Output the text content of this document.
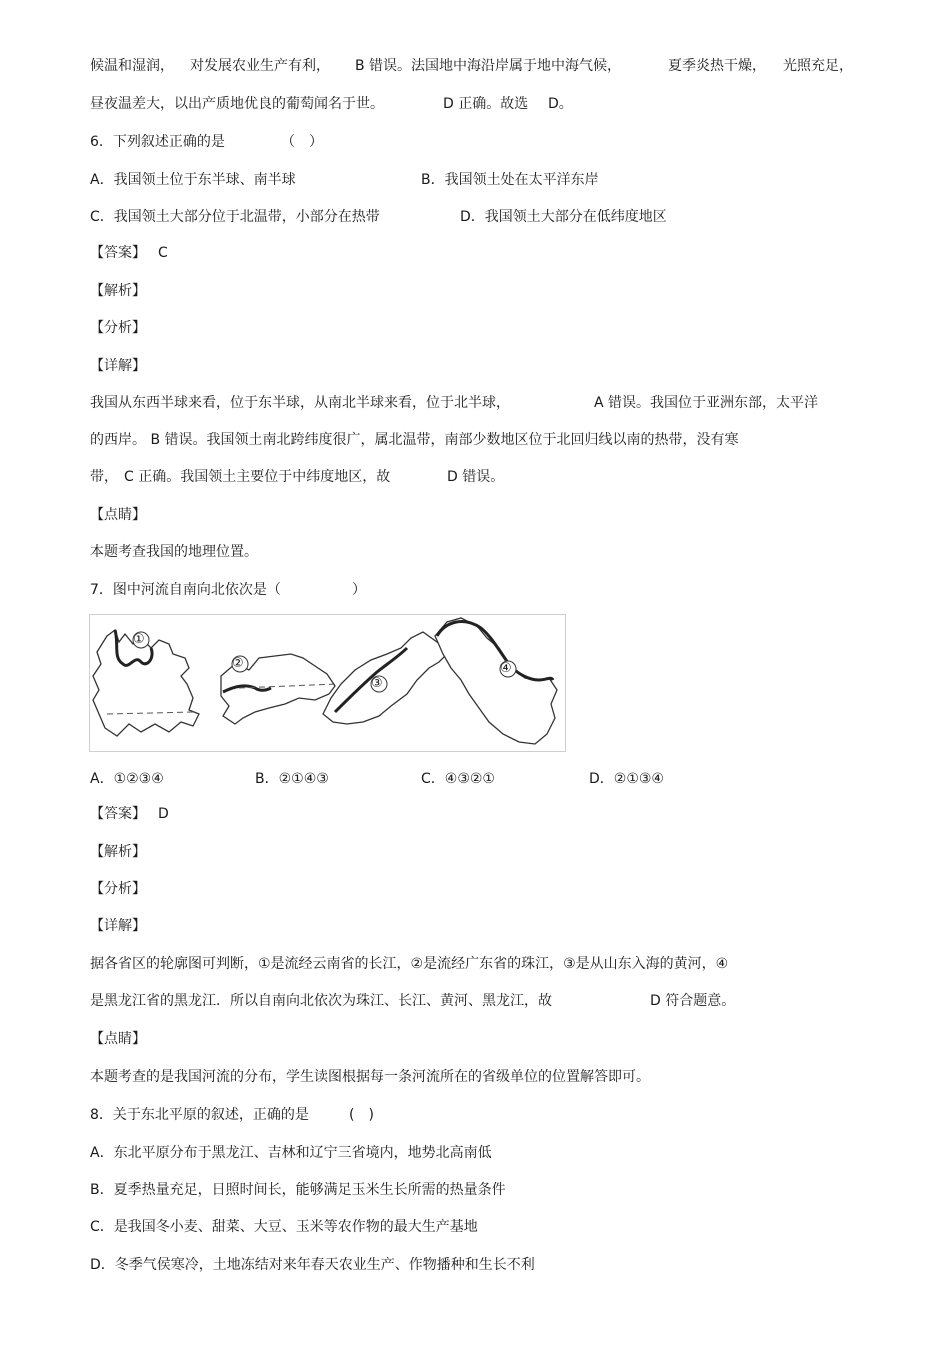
候温和湿润， 对发展农业生产有利， B 错误。法国地中海沿岸属于地中海气候，	夏季炎热干燥， 光照充足，
昼夜温差大，以出产质地优良的葡萄闻名于世。	D 正确。故选 D。
6．下列叙述正确的是	（　）
A．我国领土位于东半球、南半球	B．我国领土处在太平洋东岸
C．我国领土大部分位于北温带，小部分在热带	D．我国领土大部分在低纬度地区
【答案】 C
【解析】
【分析】
【详解】
我国从东西半球来看，位于东半球，从南北半球来看，位于北半球，	A 错误。我国位于亚洲东部，太平洋
的西岸。 B 错误。我国领土南北跨纬度很广，属北温带，南部少数地区位于北回归线以南的热带，没有寒
带， C 正确。我国领土主要位于中纬度地区，故	D 错误。
【点睛】
本题考查我国的地理位置。
7．图中河流自南向北依次是（	）
①
②
③
④
A．①②③④	B．②①④③	C．④③②①	D．②①③④
【答案】 D
【解析】
【分析】
【详解】
据各省区的轮廓图可判断，①是流经云南省的长江，②是流经广东省的珠江，③是从山东入海的黄河，④
是黑龙江省的黑龙江．所以自南向北依次为珠江、长江、黄河、黑龙江，故	D 符合题意。
【点睛】
本题考查的是我国河流的分布，学生读图根据每一条河流所在的省级单位的位置解答即可。
8．关于东北平原的叙述，正确的是	(　)
A．东北平原分布于黑龙江、吉林和辽宁三省境内，地势北高南低
B．夏季热量充足，日照时间长，能够满足玉米生长所需的热量条件
C．是我国冬小麦、甜菜、大豆、玉米等农作物的最大生产基地
D．冬季气侯寒冷，土地冻结对来年春天农业生产、作物播种和生长不利
